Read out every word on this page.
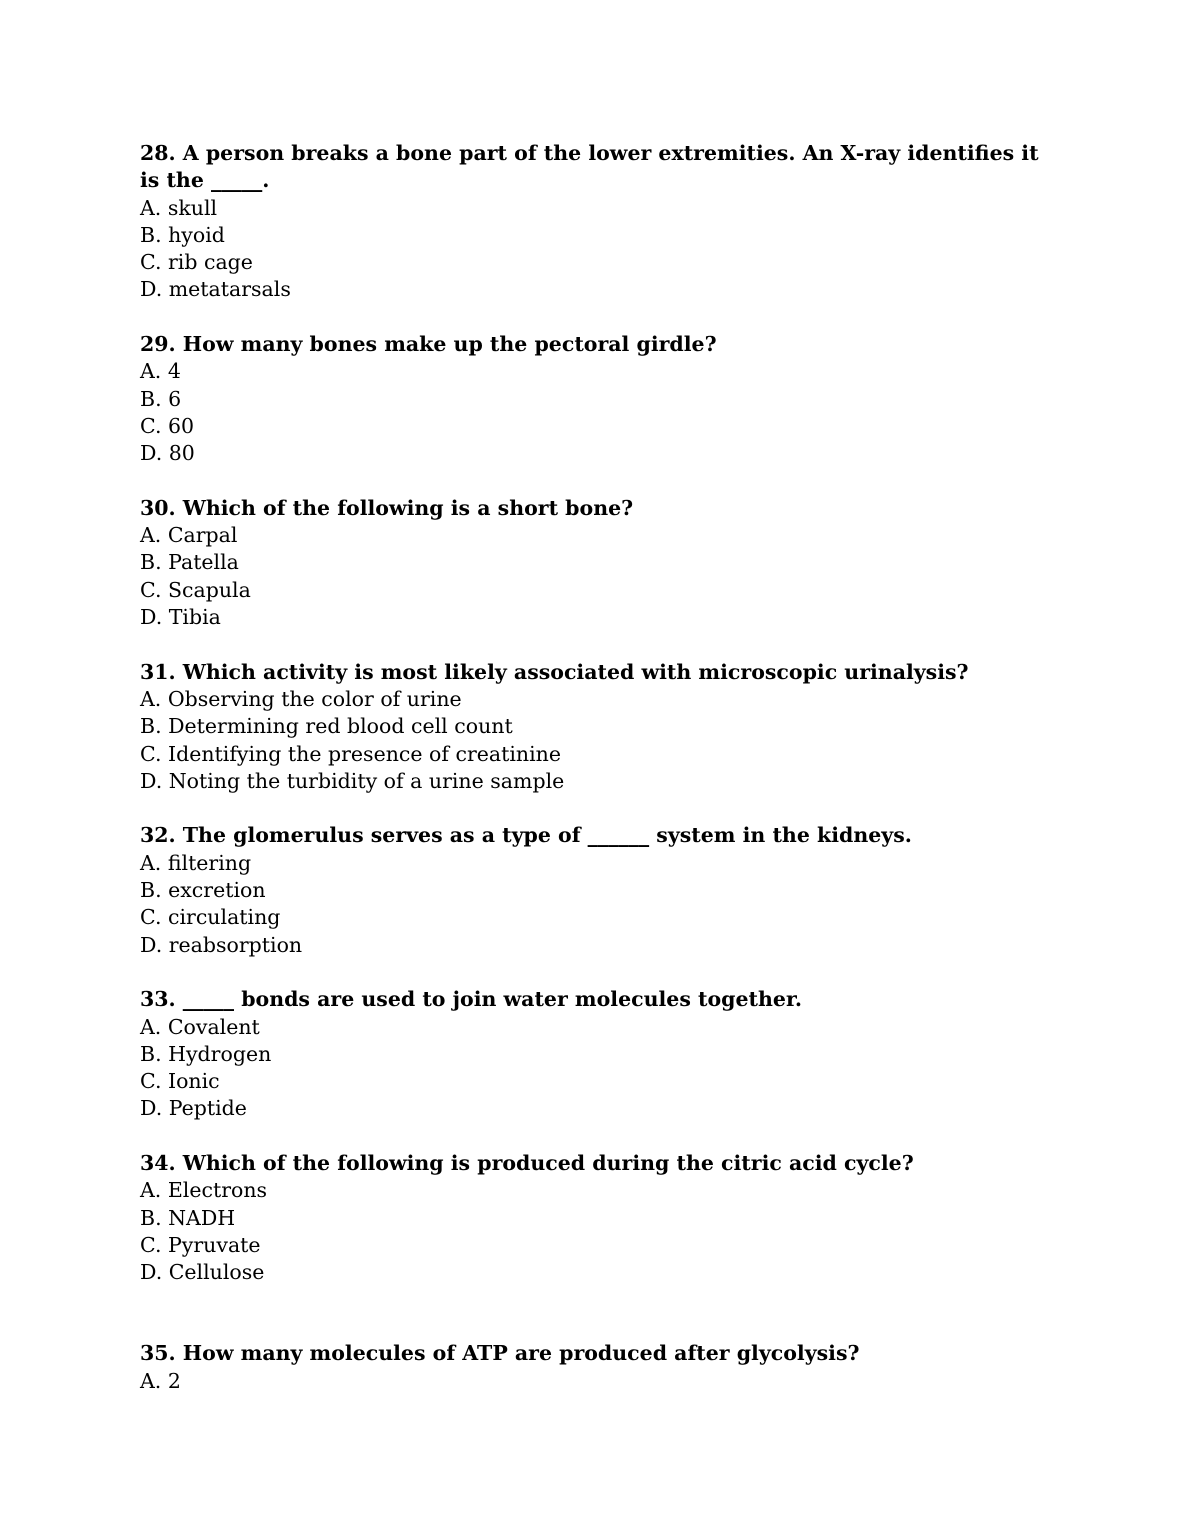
28. A person breaks a bone part of the lower extremities. An X-ray identifies it is the _____.

A. skull
B. hyoid
C. rib cage
D. metatarsals

29. How many bones make up the pectoral girdle?

A. 4
B. 6
C. 60
D. 80

30. Which of the following is a short bone?

A. Carpal
B. Patella
C. Scapula
D. Tibia

31. Which activity is most likely associated with microscopic urinalysis?

A. Observing the color of urine
B. Determining red blood cell count
C. Identifying the presence of creatinine
D. Noting the turbidity of a urine sample

32. The glomerulus serves as a type of ______ system in the kidneys.

A. filtering
B. excretion
C. circulating
D. reabsorption

33. _____ bonds are used to join water molecules together.

A. Covalent
B. Hydrogen
C. Ionic
D. Peptide

34. Which of the following is produced during the citric acid cycle?

A. Electrons
B. NADH
C. Pyruvate
D. Cellulose

35. How many molecules of ATP are produced after glycolysis?

A. 2
